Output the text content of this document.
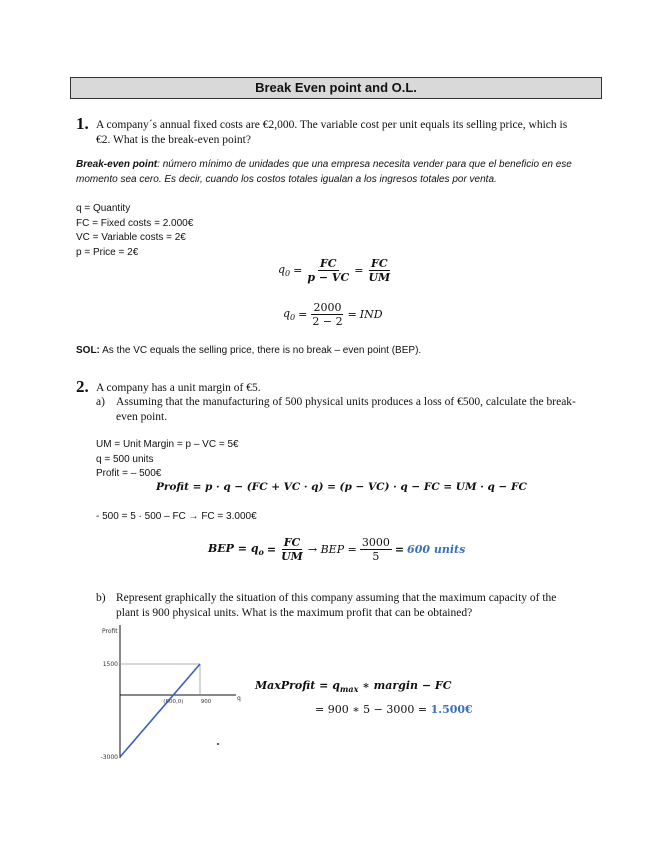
Break Even point and O.L.
1. A company´s annual fixed costs are €2,000. The variable cost per unit equals its selling price, which is €2. What is the break-even point?
Break-even point: número mínimo de unidades que una empresa necesita vender para que el beneficio en ese momento sea cero. Es decir, cuando los costos totales igualan a los ingresos totales por venta.
q = Quantity
FC = Fixed costs = 2.000€
VC = Variable costs = 2€
p = Price = 2€
$q_0 = \frac{FC}{p - VC} = \frac{FC}{UM}$
$q_0 = \frac{2000}{2 - 2}$ = IND
SOL: As the VC equals the selling price, there is no break – even point (BEP).
2. A company has a unit margin of €5.
a) Assuming that the manufacturing of 500 physical units produces a loss of €500, calculate the break-even point.
UM = Unit Margin = p – VC = 5€
q = 500 units
Profit = – 500€
Profit = p · q − (FC + VC · q) = (p − VC) · q − FC = UM · q − FC
- 500 = 5 · 500 – FC → FC = 3.000€
BEP = $q_o = \frac{FC}{UM}$ → BEP = $\frac{3000}{5} = 600$ units
b) Represent graphically the situation of this company assuming that the maximum capacity of the plant is 900 physical units. What is the maximum profit that can be obtained?
Profit
q
1500
-3000
(600,0)	900
MaxProfit = $q_{max}$ ∗ margin − FC
= 900 ∗ 5 − 3000 = 1.500€
